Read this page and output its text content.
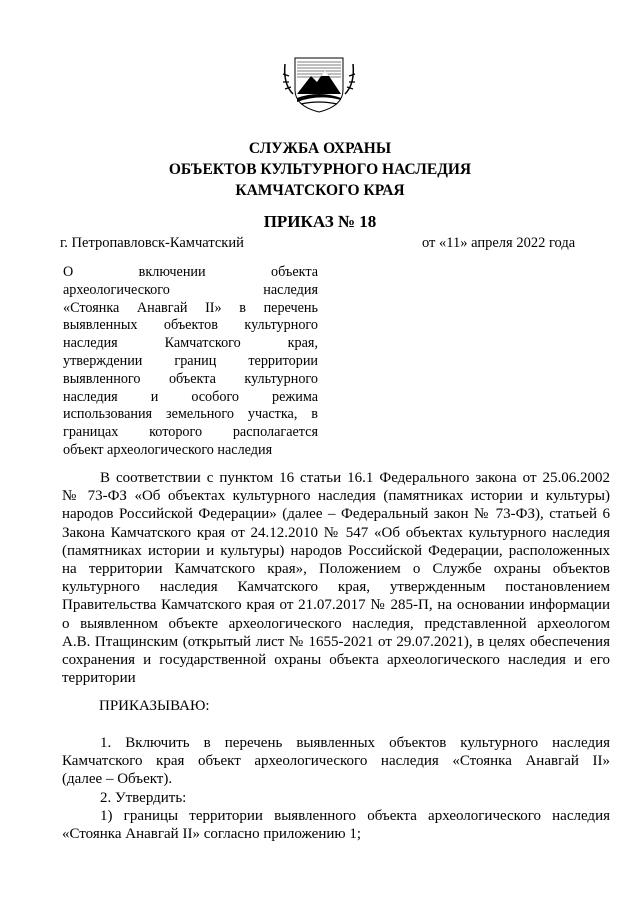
СЛУЖБА ОХРАНЫ
ОБЪЕКТОВ КУЛЬТУРНОГО НАСЛЕДИЯ
КАМЧАТСКОГО КРАЯ
ПРИКАЗ № 18
г. Петропавловск-Камчатский	от «11» апреля 2022 года
О включении объекта
археологического наследия
«Стоянка Анавгай II» в перечень
выявленных объектов культурного
наследия Камчатского края,
утверждении границ территории
выявленного объекта культурного
наследия и особого режима
использования земельного участка, в
границах которого располагается
объект археологического наследия
В соответствии с пунктом 16 статьи 16.1 Федерального закона от 25.06.2002
№ 73-ФЗ «Об объектах культурного наследия (памятниках истории и культуры)
народов Российской Федерации» (далее – Федеральный закон № 73-ФЗ), статьей 6
Закона Камчатского края от 24.12.2010 № 547 «Об объектах культурного наследия
(памятниках истории и культуры) народов Российской Федерации, расположенных
на территории Камчатского края», Положением о Службе охраны объектов
культурного наследия Камчатского края, утвержденным постановлением
Правительства Камчатского края от 21.07.2017 № 285-П, на основании информации
о выявленном объекте археологического наследия, представленной археологом
А.В. Птащинским (открытый лист № 1655-2021 от 29.07.2021), в целях обеспечения
сохранения и государственной охраны объекта археологического наследия и его
территории
ПРИКАЗЫВАЮ:
1. Включить в перечень выявленных объектов культурного наследия
Камчатского края объект археологического наследия «Стоянка Анавгай II»
(далее – Объект).
2. Утвердить:
1) границы территории выявленного объекта археологического наследия
«Стоянка Анавгай II» согласно приложению 1;
